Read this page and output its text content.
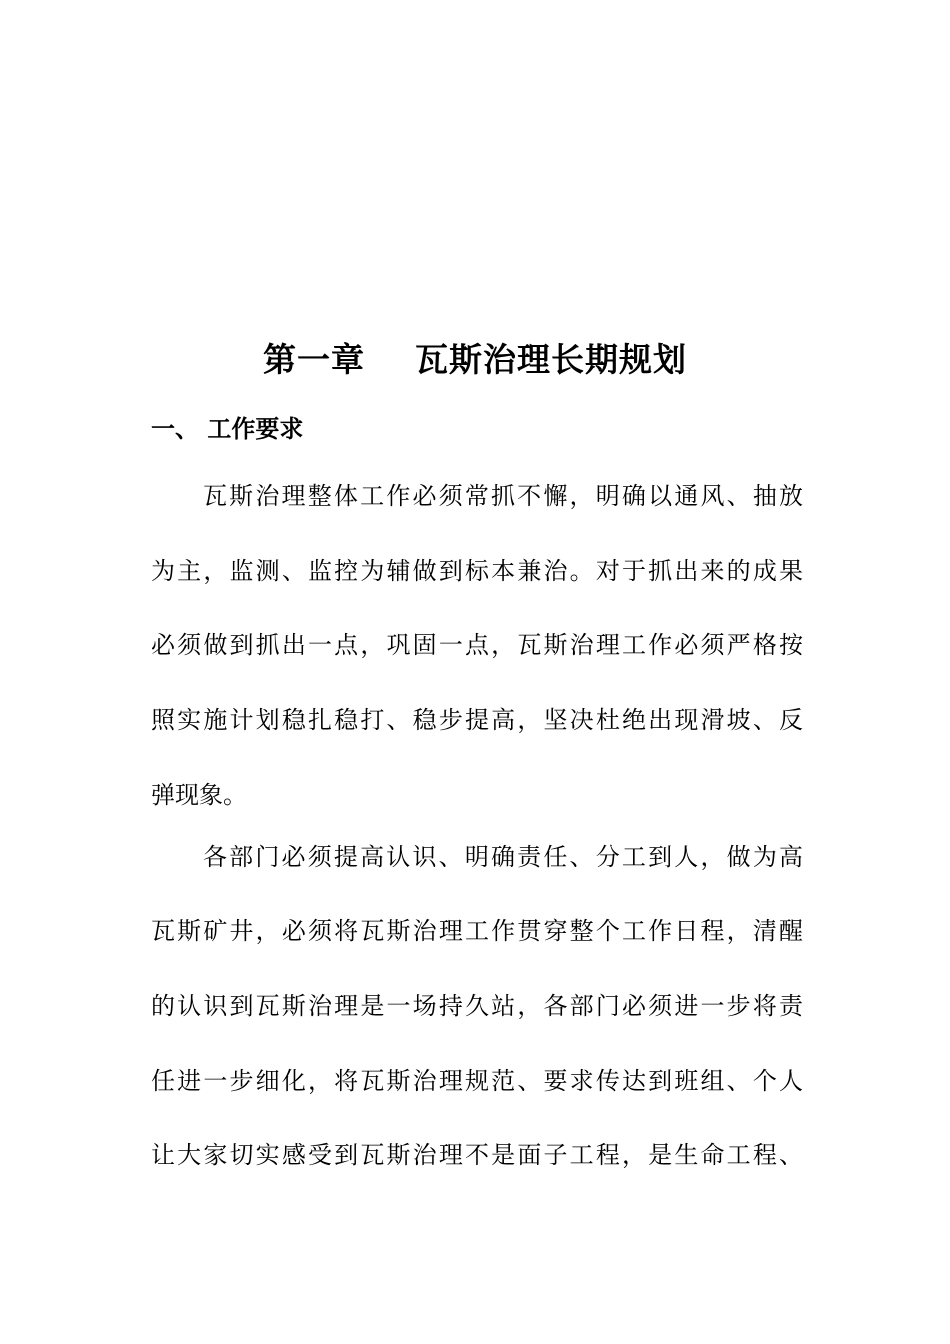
第一章    瓦斯治理长期规划
一、 工作要求
瓦斯治理整体工作必须常抓不懈，明确以通风、抽放
为主，监测、监控为辅做到标本兼治。对于抓出来的成果
必须做到抓出一点，巩固一点，瓦斯治理工作必须严格按
照实施计划稳扎稳打、稳步提高，坚决杜绝出现滑坡、反
弹现象。
各部门必须提高认识、明确责任、分工到人，做为高
瓦斯矿井，必须将瓦斯治理工作贯穿整个工作日程，清醒
的认识到瓦斯治理是一场持久站，各部门必须进一步将责
任进一步细化，将瓦斯治理规范、要求传达到班组、个人
让大家切实感受到瓦斯治理不是面子工程，是生命工程、
